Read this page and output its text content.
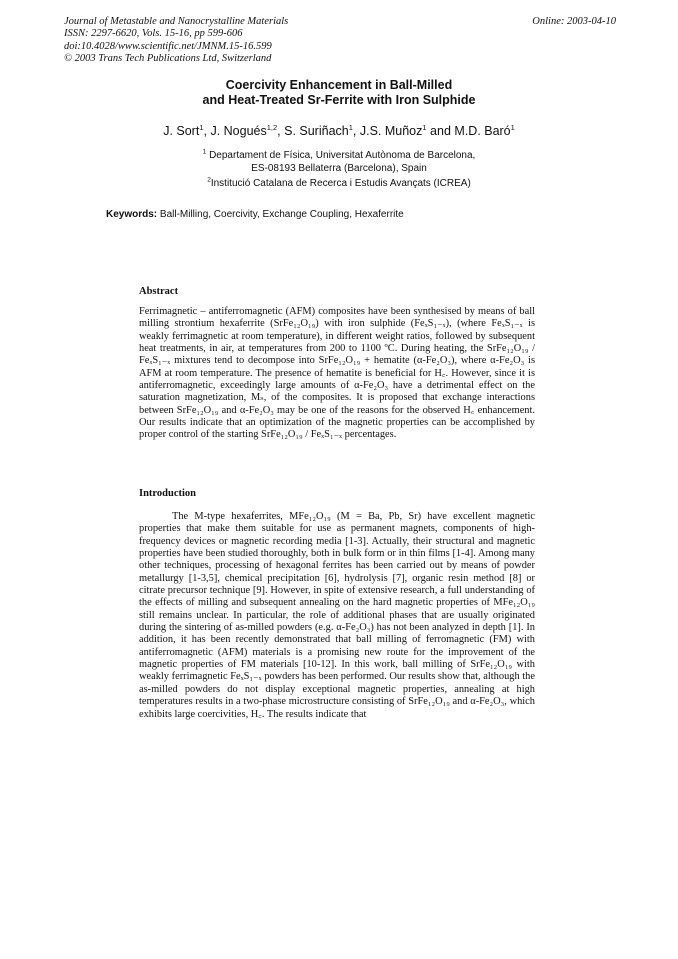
Journal of Metastable and Nanocrystalline Materials
ISSN: 2297-6620, Vols. 15-16, pp 599-606
doi:10.4028/www.scientific.net/JMNM.15-16.599
© 2003 Trans Tech Publications Ltd, Switzerland
Online: 2003-04-10
Coercivity Enhancement in Ball-Milled
and Heat-Treated Sr-Ferrite with Iron Sulphide
J. Sort$^1$, J. Nogués$^{1,2}$, S. Suriñach$^1$, J.S. Muñoz$^1$ and M.D. Baró$^1$
$^1$ Departament de Física, Universitat Autònoma de Barcelona,
ES-08193 Bellaterra (Barcelona), Spain
$^2$Institució Catalana de Recerca i Estudis Avançats (ICREA)
Keywords: Ball-Milling, Coercivity, Exchange Coupling, Hexaferrite
Abstract
Ferrimagnetic – antiferromagnetic (AFM) composites have been synthesised by means of ball milling strontium hexaferrite (SrFe₁₂O₁₉) with iron sulphide (FeₓS₁₋ₓ), (where FeₓS₁₋ₓ is weakly ferrimagnetic at room temperature), in different weight ratios, followed by subsequent heat treatments, in air, at temperatures from 200 to 1100 ºC. During heating, the SrFe₁₂O₁₉ / FeₓS₁₋ₓ mixtures tend to decompose into SrFe₁₂O₁₉ + hematite (α-Fe₂O₃), where α-Fe₂O₃ is AFM at room temperature. The presence of hematite is beneficial for H꜀. However, since it is antiferromagnetic, exceedingly large amounts of α-Fe₂O₃ have a detrimental effect on the saturation magnetization, Mₛ, of the composites. It is proposed that exchange interactions between SrFe₁₂O₁₉ and α-Fe₂O₃ may be one of the reasons for the observed H꜀ enhancement. Our results indicate that an optimization of the magnetic properties can be accomplished by proper control of the starting SrFe₁₂O₁₉ / FeₓS₁₋ₓ percentages.
Introduction
The M-type hexaferrites, MFe₁₂O₁₉ (M = Ba, Pb, Sr) have excellent magnetic properties that make them suitable for use as permanent magnets, components of high-frequency devices or magnetic recording media [1-3]. Actually, their structural and magnetic properties have been studied thoroughly, both in bulk form or in thin films [1-4]. Among many other techniques, processing of hexagonal ferrites has been carried out by means of powder metallurgy [1-3,5], chemical precipitation [6], hydrolysis [7], organic resin method [8] or citrate precursor technique [9]. However, in spite of extensive research, a full understanding of the effects of milling and subsequent annealing on the hard magnetic properties of MFe₁₂O₁₉ still remains unclear. In particular, the role of additional phases that are usually originated during the sintering of as-milled powders (e.g. α-Fe₂O₃) has not been analyzed in depth [1]. In addition, it has been recently demonstrated that ball milling of ferromagnetic (FM) with antiferromagnetic (AFM) materials is a promising new route for the improvement of the magnetic properties of FM materials [10-12]. In this work, ball milling of SrFe₁₂O₁₉ with weakly ferrimagnetic FeₓS₁₋ₓ powders has been performed. Our results show that, although the as-milled powders do not display exceptional magnetic properties, annealing at high temperatures results in a two-phase microstructure consisting of SrFe₁₂O₁₉ and α-Fe₂O₃, which exhibits large coercivities, H꜀. The results indicate that
